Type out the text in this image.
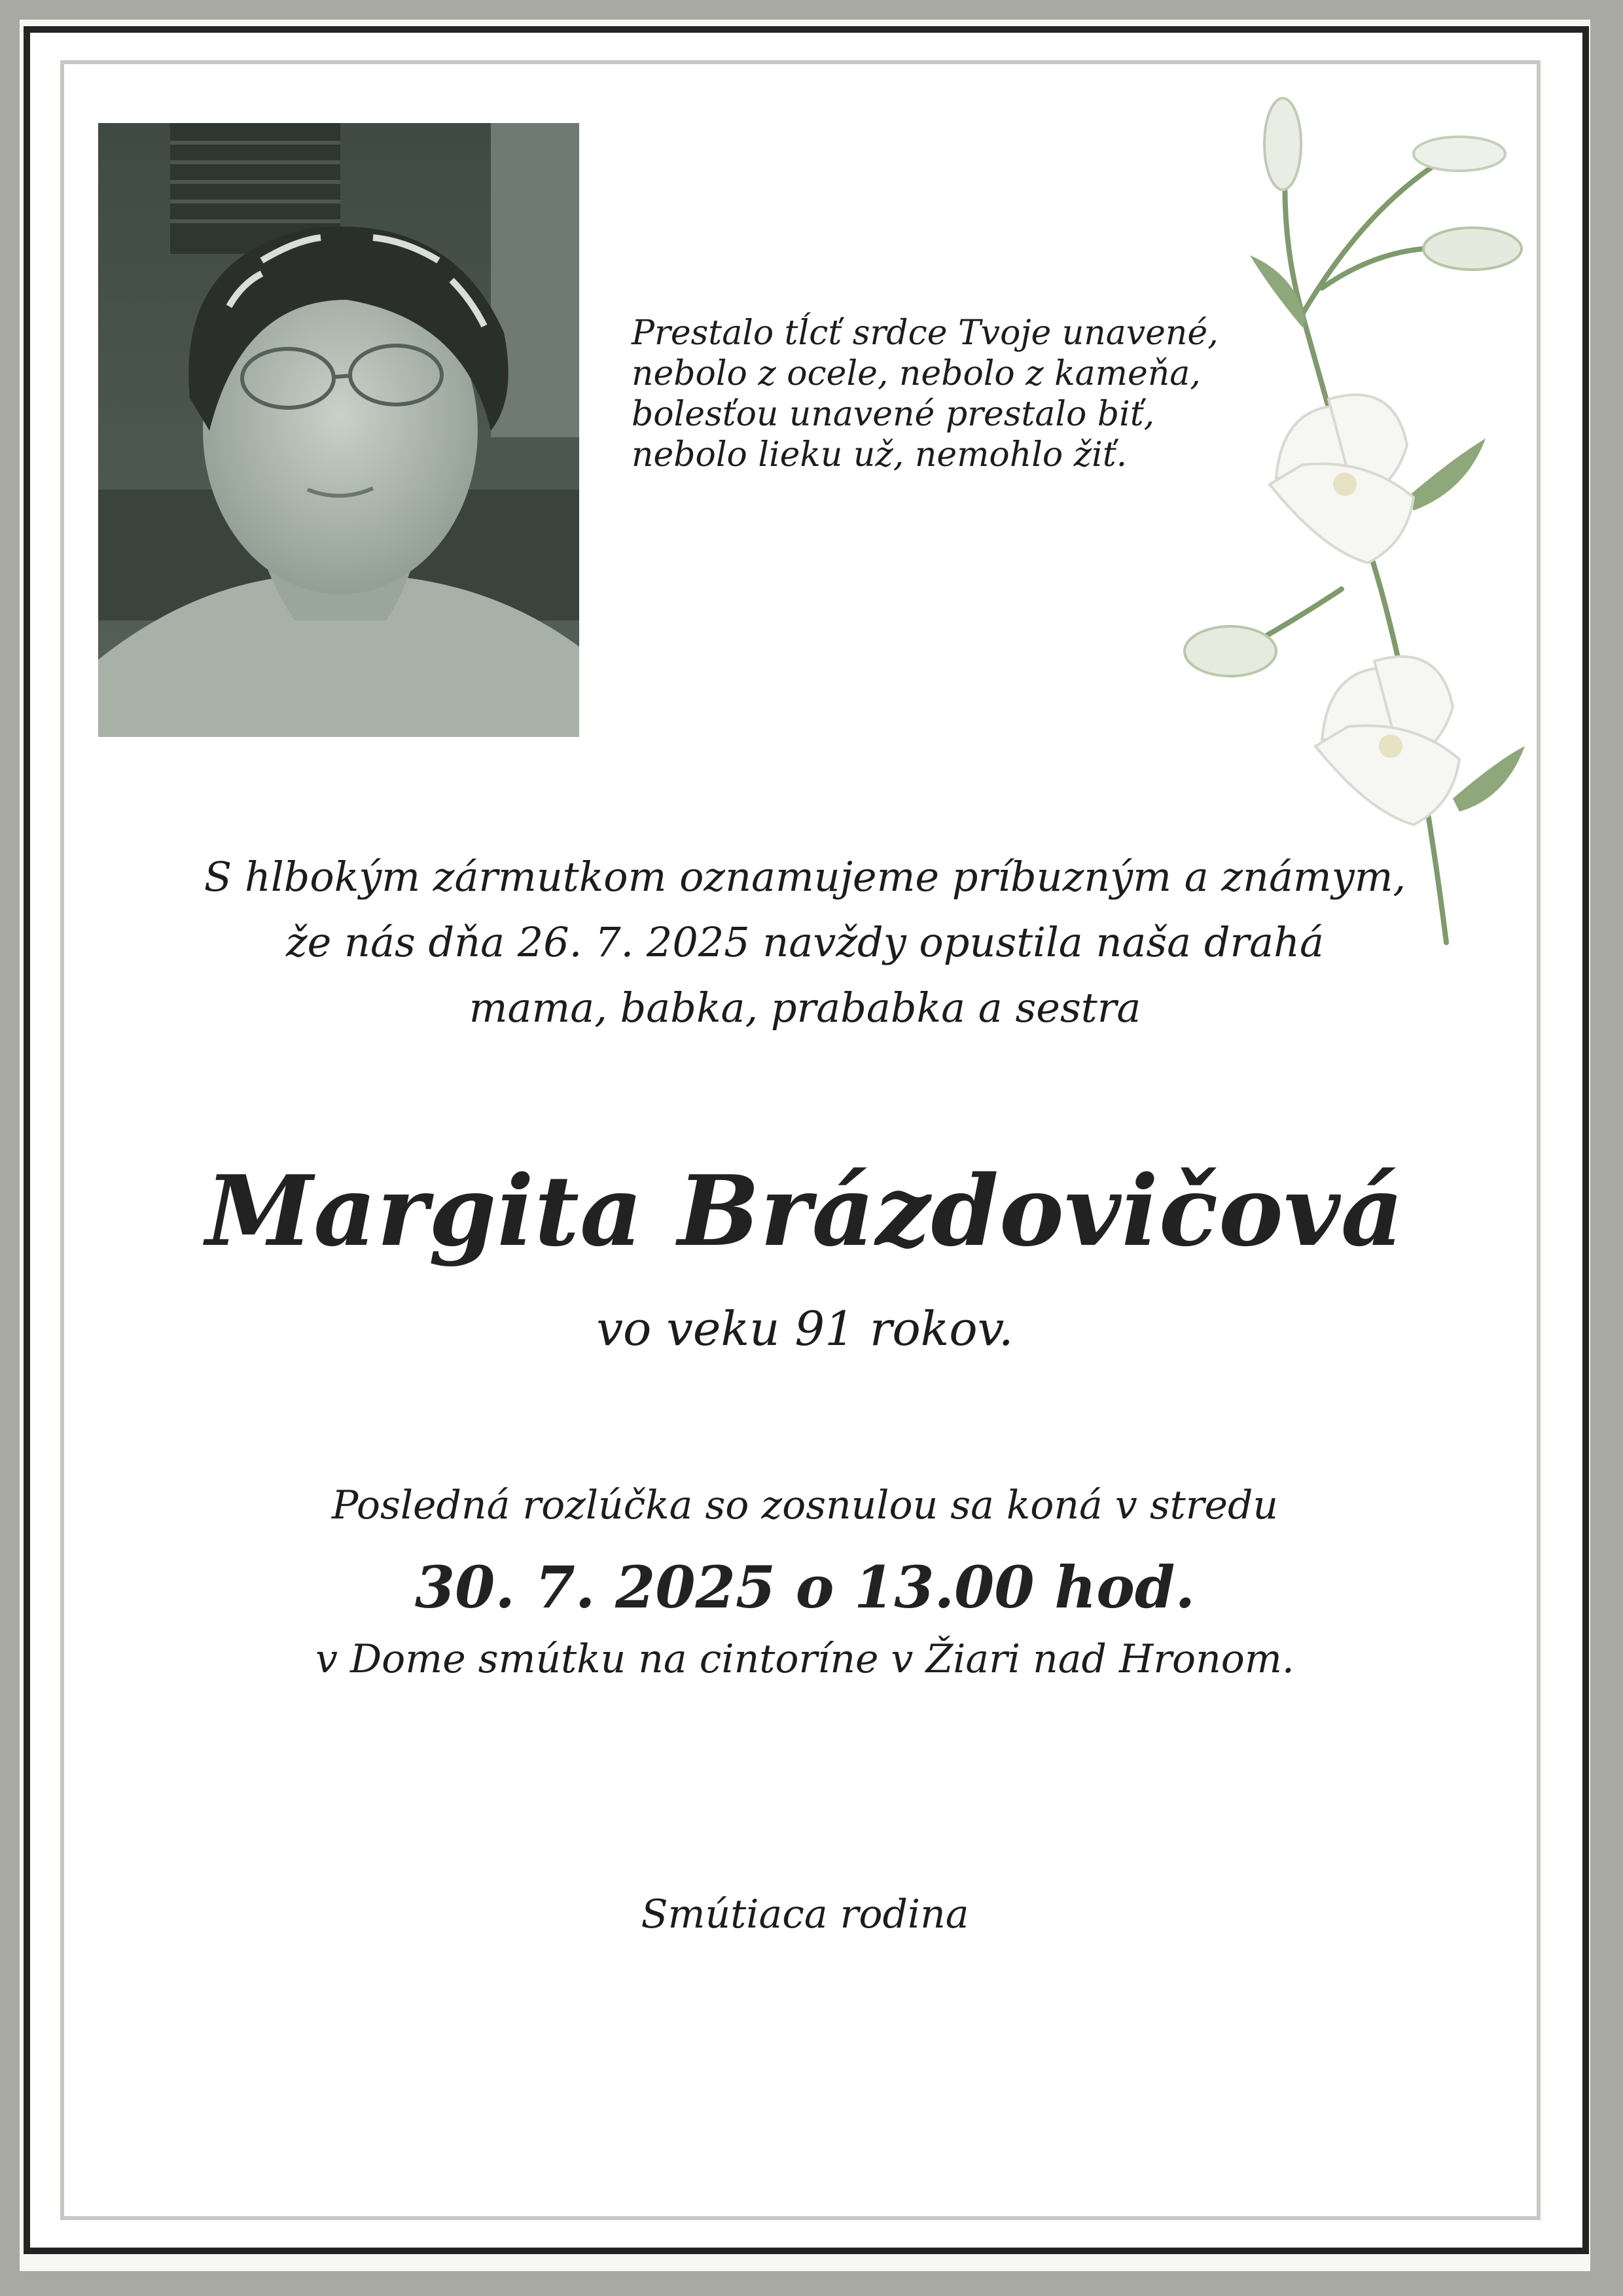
Prestalo tĺcť srdce Tvoje unavené,
nebolo z ocele, nebolo z kameňa,
bolesťou unavené prestalo biť,
nebolo lieku už, nemohlo žiť.
S hlbokým zármutkom oznamujeme príbuzným a známym,
že nás dňa 26. 7. 2025 navždy opustila naša drahá
mama, babka, prababka a sestra
Margita Brázdovičová
vo veku 91 rokov.
Posledná rozlúčka so zosnulou sa koná v stredu
30. 7. 2025 o 13.00 hod.
v Dome smútku na cintoríne v Žiari nad Hronom.
Smútiaca rodina
